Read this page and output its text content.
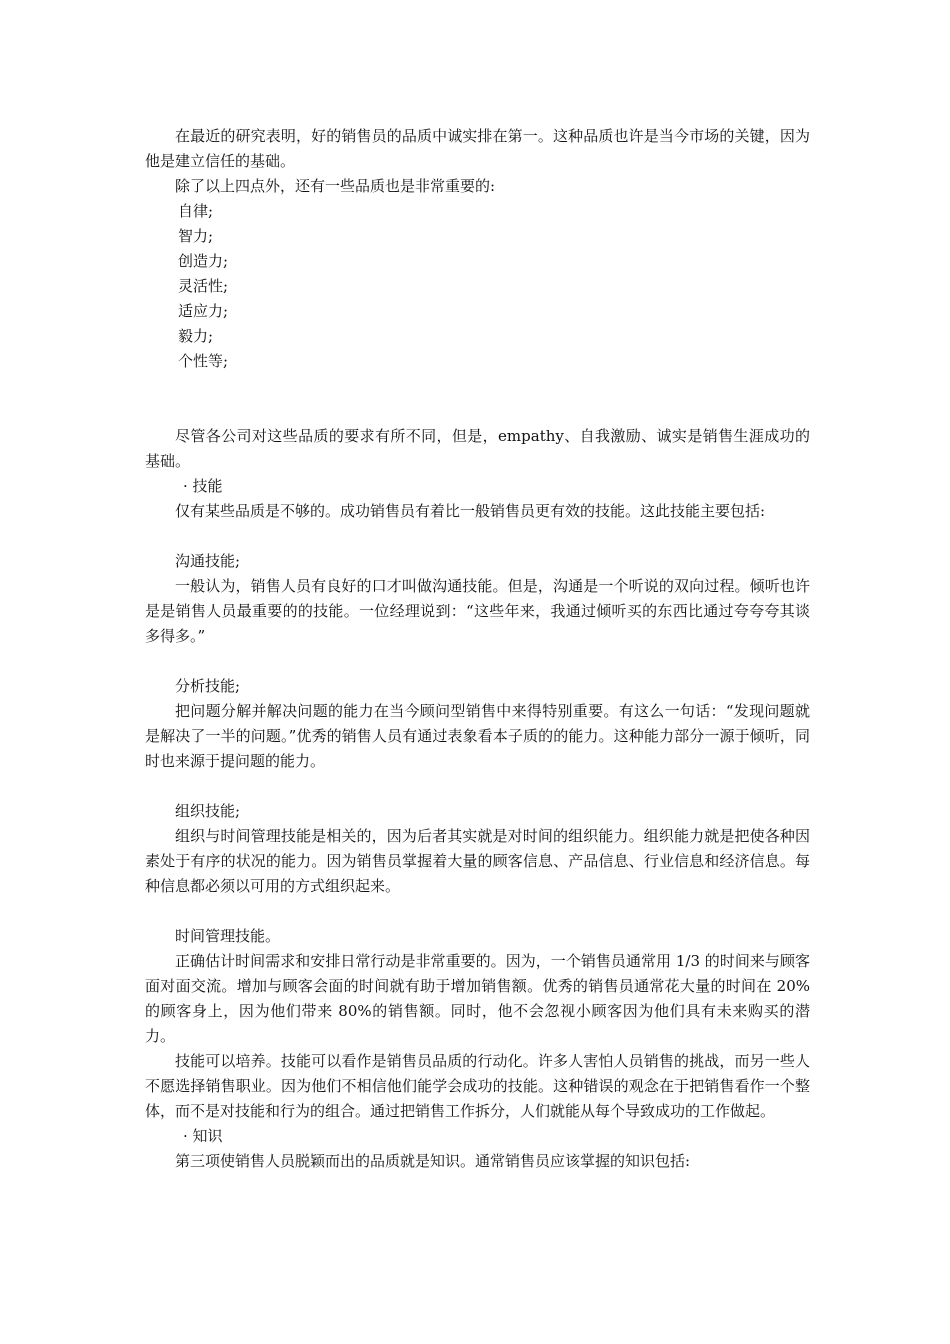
在最近的研究表明，好的销售员的品质中诚实排在第一。这种品质也许是当今市场的关键，因为他是建立信任的基础。

除了以上四点外，还有一些品质也是非常重要的:

自律;

智力;

创造力;

灵活性;

适应力;

毅力;

个性等;

尽管各公司对这些品质的要求有所不同，但是，empathy、自我激励、诚实是销售生涯成功的基础。

· 技能

仅有某些品质是不够的。成功销售员有着比一般销售员更有效的技能。这此技能主要包括:

沟通技能;

一般认为，销售人员有良好的口才叫做沟通技能。但是，沟通是一个听说的双向过程。倾听也许是是销售人员最重要的的技能。一位经理说到：“这些年来，我通过倾听买的东西比通过夸夸夸其谈多得多。”

分析技能;

把问题分解并解决问题的能力在当今顾问型销售中来得特别重要。有这么一句话：“发现问题就是解决了一半的问题。”优秀的销售人员有通过表象看本子质的的能力。这种能力部分一源于倾听，同时也来源于提问题的能力。

组织技能;

组织与时间管理技能是相关的，因为后者其实就是对时间的组织能力。组织能力就是把使各种因素处于有序的状况的能力。因为销售员掌握着大量的顾客信息、产品信息、行业信息和经济信息。每种信息都必须以可用的方式组织起来。

时间管理技能。

正确估计时间需求和安排日常行动是非常重要的。因为，一个销售员通常用 1/3 的时间来与顾客面对面交流。增加与顾客会面的时间就有助于增加销售额。优秀的销售员通常花大量的时间在 20%的顾客身上，因为他们带来 80%的销售额。同时，他不会忽视小顾客因为他们具有未来购买的潜力。

技能可以培养。技能可以看作是销售员品质的行动化。许多人害怕人员销售的挑战，而另一些人不愿选择销售职业。因为他们不相信他们能学会成功的技能。这种错误的观念在于把销售看作一个整体，而不是对技能和行为的组合。通过把销售工作拆分，人们就能从每个导致成功的工作做起。

· 知识

第三项使销售人员脱颖而出的品质就是知识。通常销售员应该掌握的知识包括:
